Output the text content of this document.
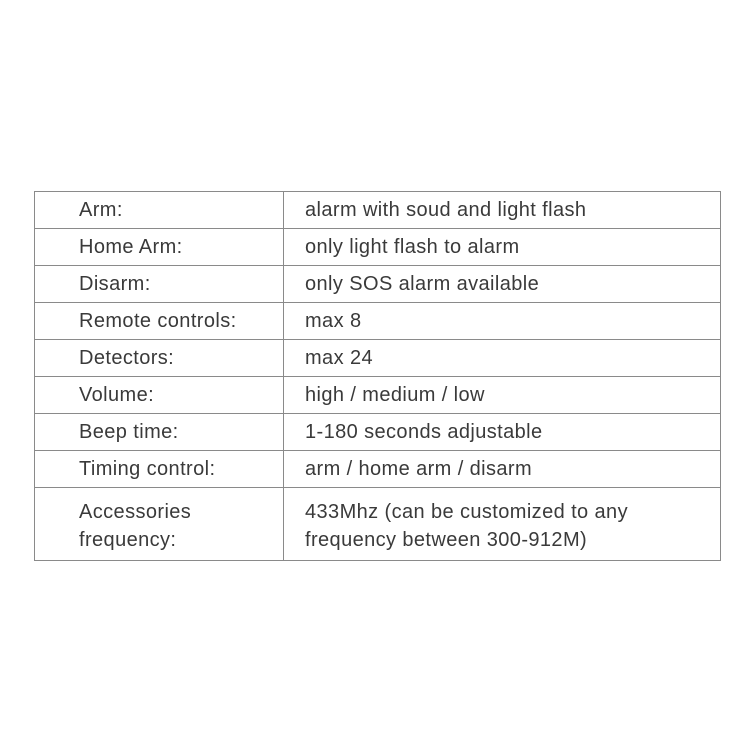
Arm:	alarm with soud and light flash
Home Arm:	only light flash to alarm
Disarm:	only SOS alarm available
Remote controls:	max 8
Detectors:	max 24
Volume:	high / medium / low
Beep time:	1-180 seconds adjustable
Timing control:	arm / home arm / disarm
Accessories frequency:	433Mhz (can be customized to any frequency between 300-912M)
